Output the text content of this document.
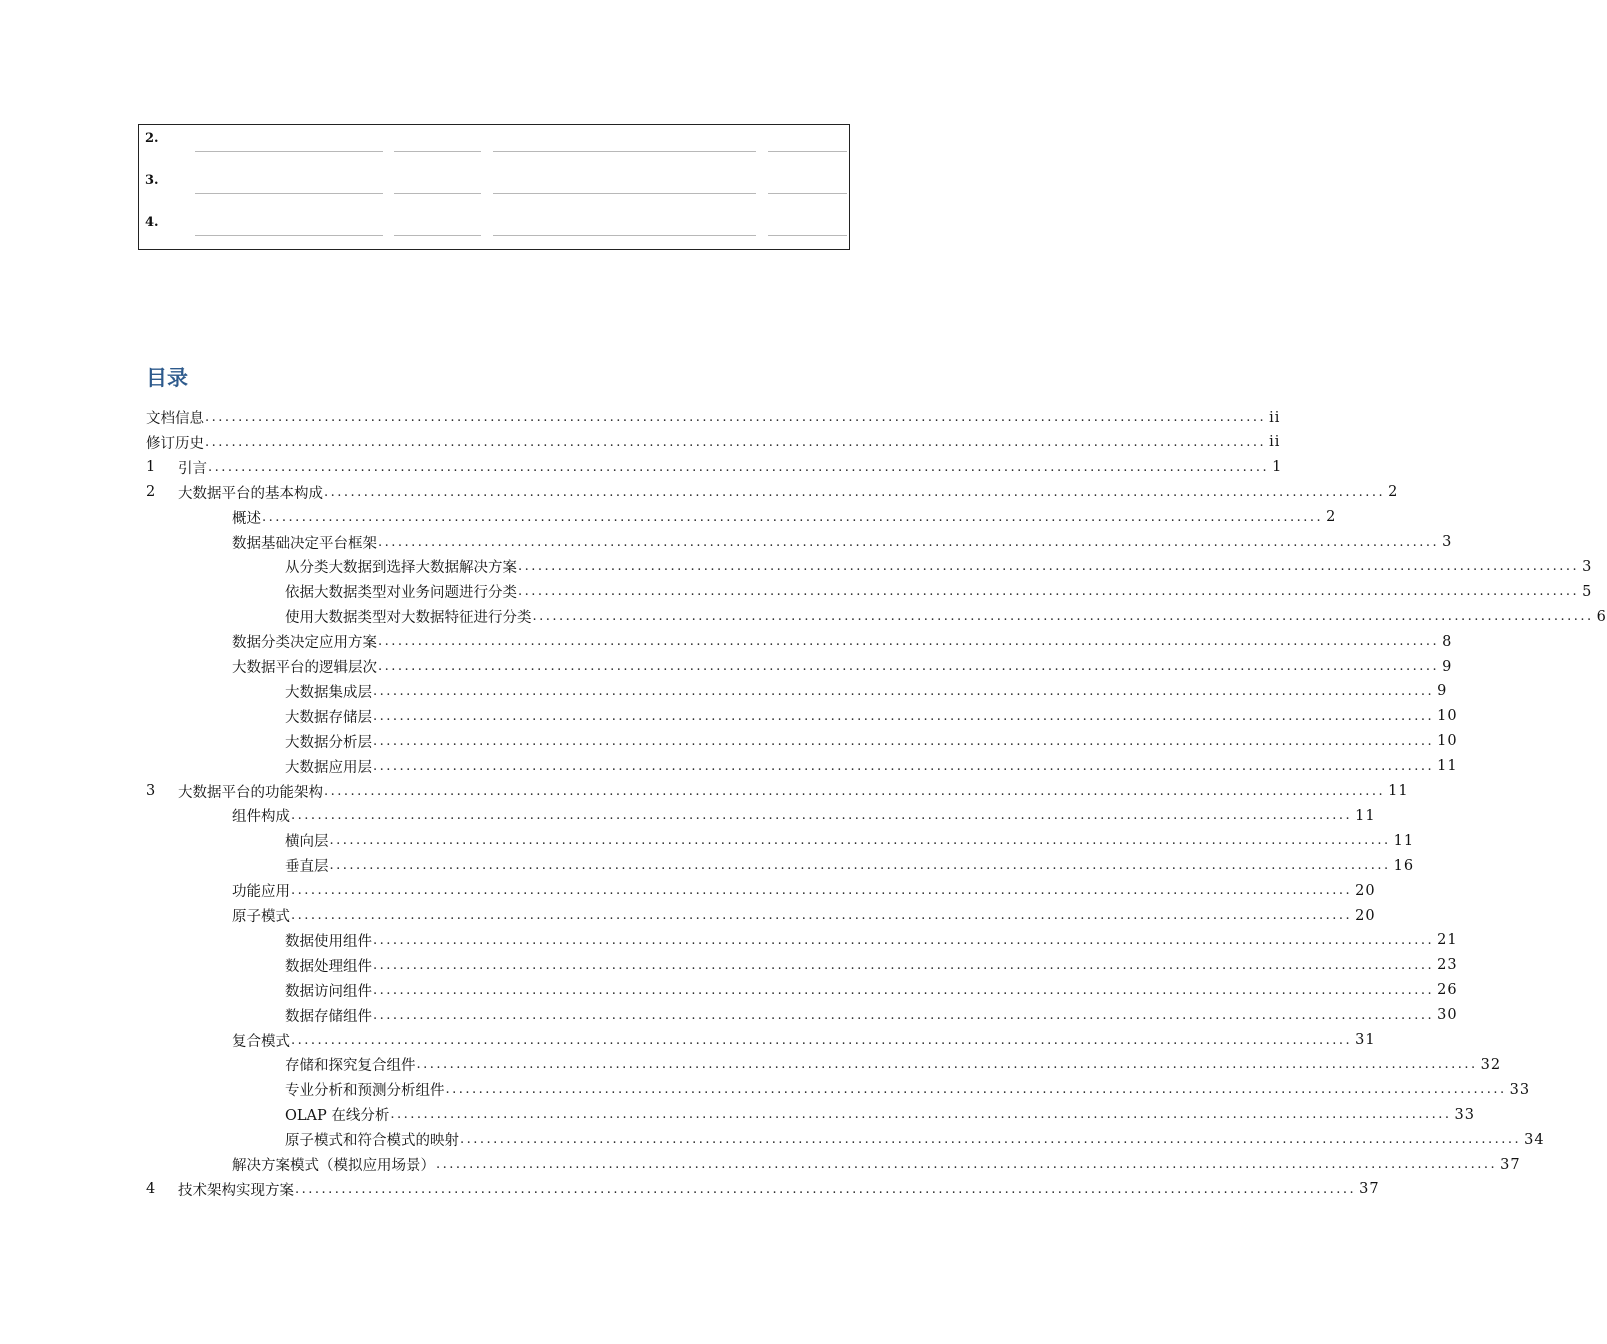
2.
3.
4.
目录
文档信息 ................................................................................................................................................................ ii
修订历史 ................................................................................................................................................................ ii
1	引言 ................................................................................................................................................................ 1
2	大数据平台的基本构成 ................................................................................................................................................................ 2
概述 ................................................................................................................................................................ 2
数据基础决定平台框架 ................................................................................................................................................................ 3
从分类大数据到选择大数据解决方案 ................................................................................................................................................................ 3
依据大数据类型对业务问题进行分类 ................................................................................................................................................................ 5
使用大数据类型对大数据特征进行分类 ................................................................................................................................................................ 6
数据分类决定应用方案 ................................................................................................................................................................ 8
大数据平台的逻辑层次 ................................................................................................................................................................ 9
大数据集成层 ................................................................................................................................................................ 9
大数据存储层 ................................................................................................................................................................ 10
大数据分析层 ................................................................................................................................................................ 10
大数据应用层 ................................................................................................................................................................ 11
3	大数据平台的功能架构 ................................................................................................................................................................ 11
组件构成 ................................................................................................................................................................ 11
横向层 ................................................................................................................................................................ 11
垂直层 ................................................................................................................................................................ 16
功能应用 ................................................................................................................................................................ 20
原子模式 ................................................................................................................................................................ 20
数据使用组件 ................................................................................................................................................................ 21
数据处理组件 ................................................................................................................................................................ 23
数据访问组件 ................................................................................................................................................................ 26
数据存储组件 ................................................................................................................................................................ 30
复合模式 ................................................................................................................................................................ 31
存储和探究复合组件 ................................................................................................................................................................ 32
专业分析和预测分析组件 ................................................................................................................................................................ 33
OLAP 在线分析 ................................................................................................................................................................ 33
原子模式和符合模式的映射 ................................................................................................................................................................ 34
解决方案模式（模拟应用场景） ................................................................................................................................................................ 37
4	技术架构实现方案 ................................................................................................................................................................ 37
